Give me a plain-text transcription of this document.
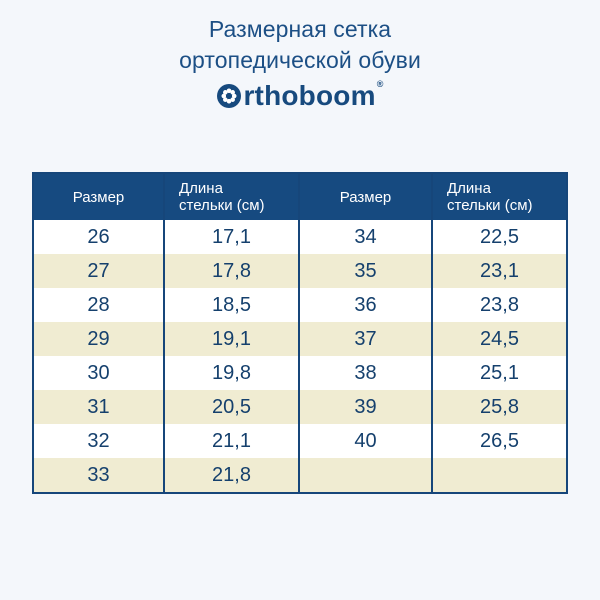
Размерная сетка
ортопедической обуви
rthoboom®
Размер
26
27
28
29
30
31
32
33
Длина
стельки (см)
17,1
17,8
18,5
19,1
19,8
20,5
21,1
21,8
Размер
34
35
36
37
38
39
40
Длина
стельки (см)
22,5
23,1
23,8
24,5
25,1
25,8
26,5
